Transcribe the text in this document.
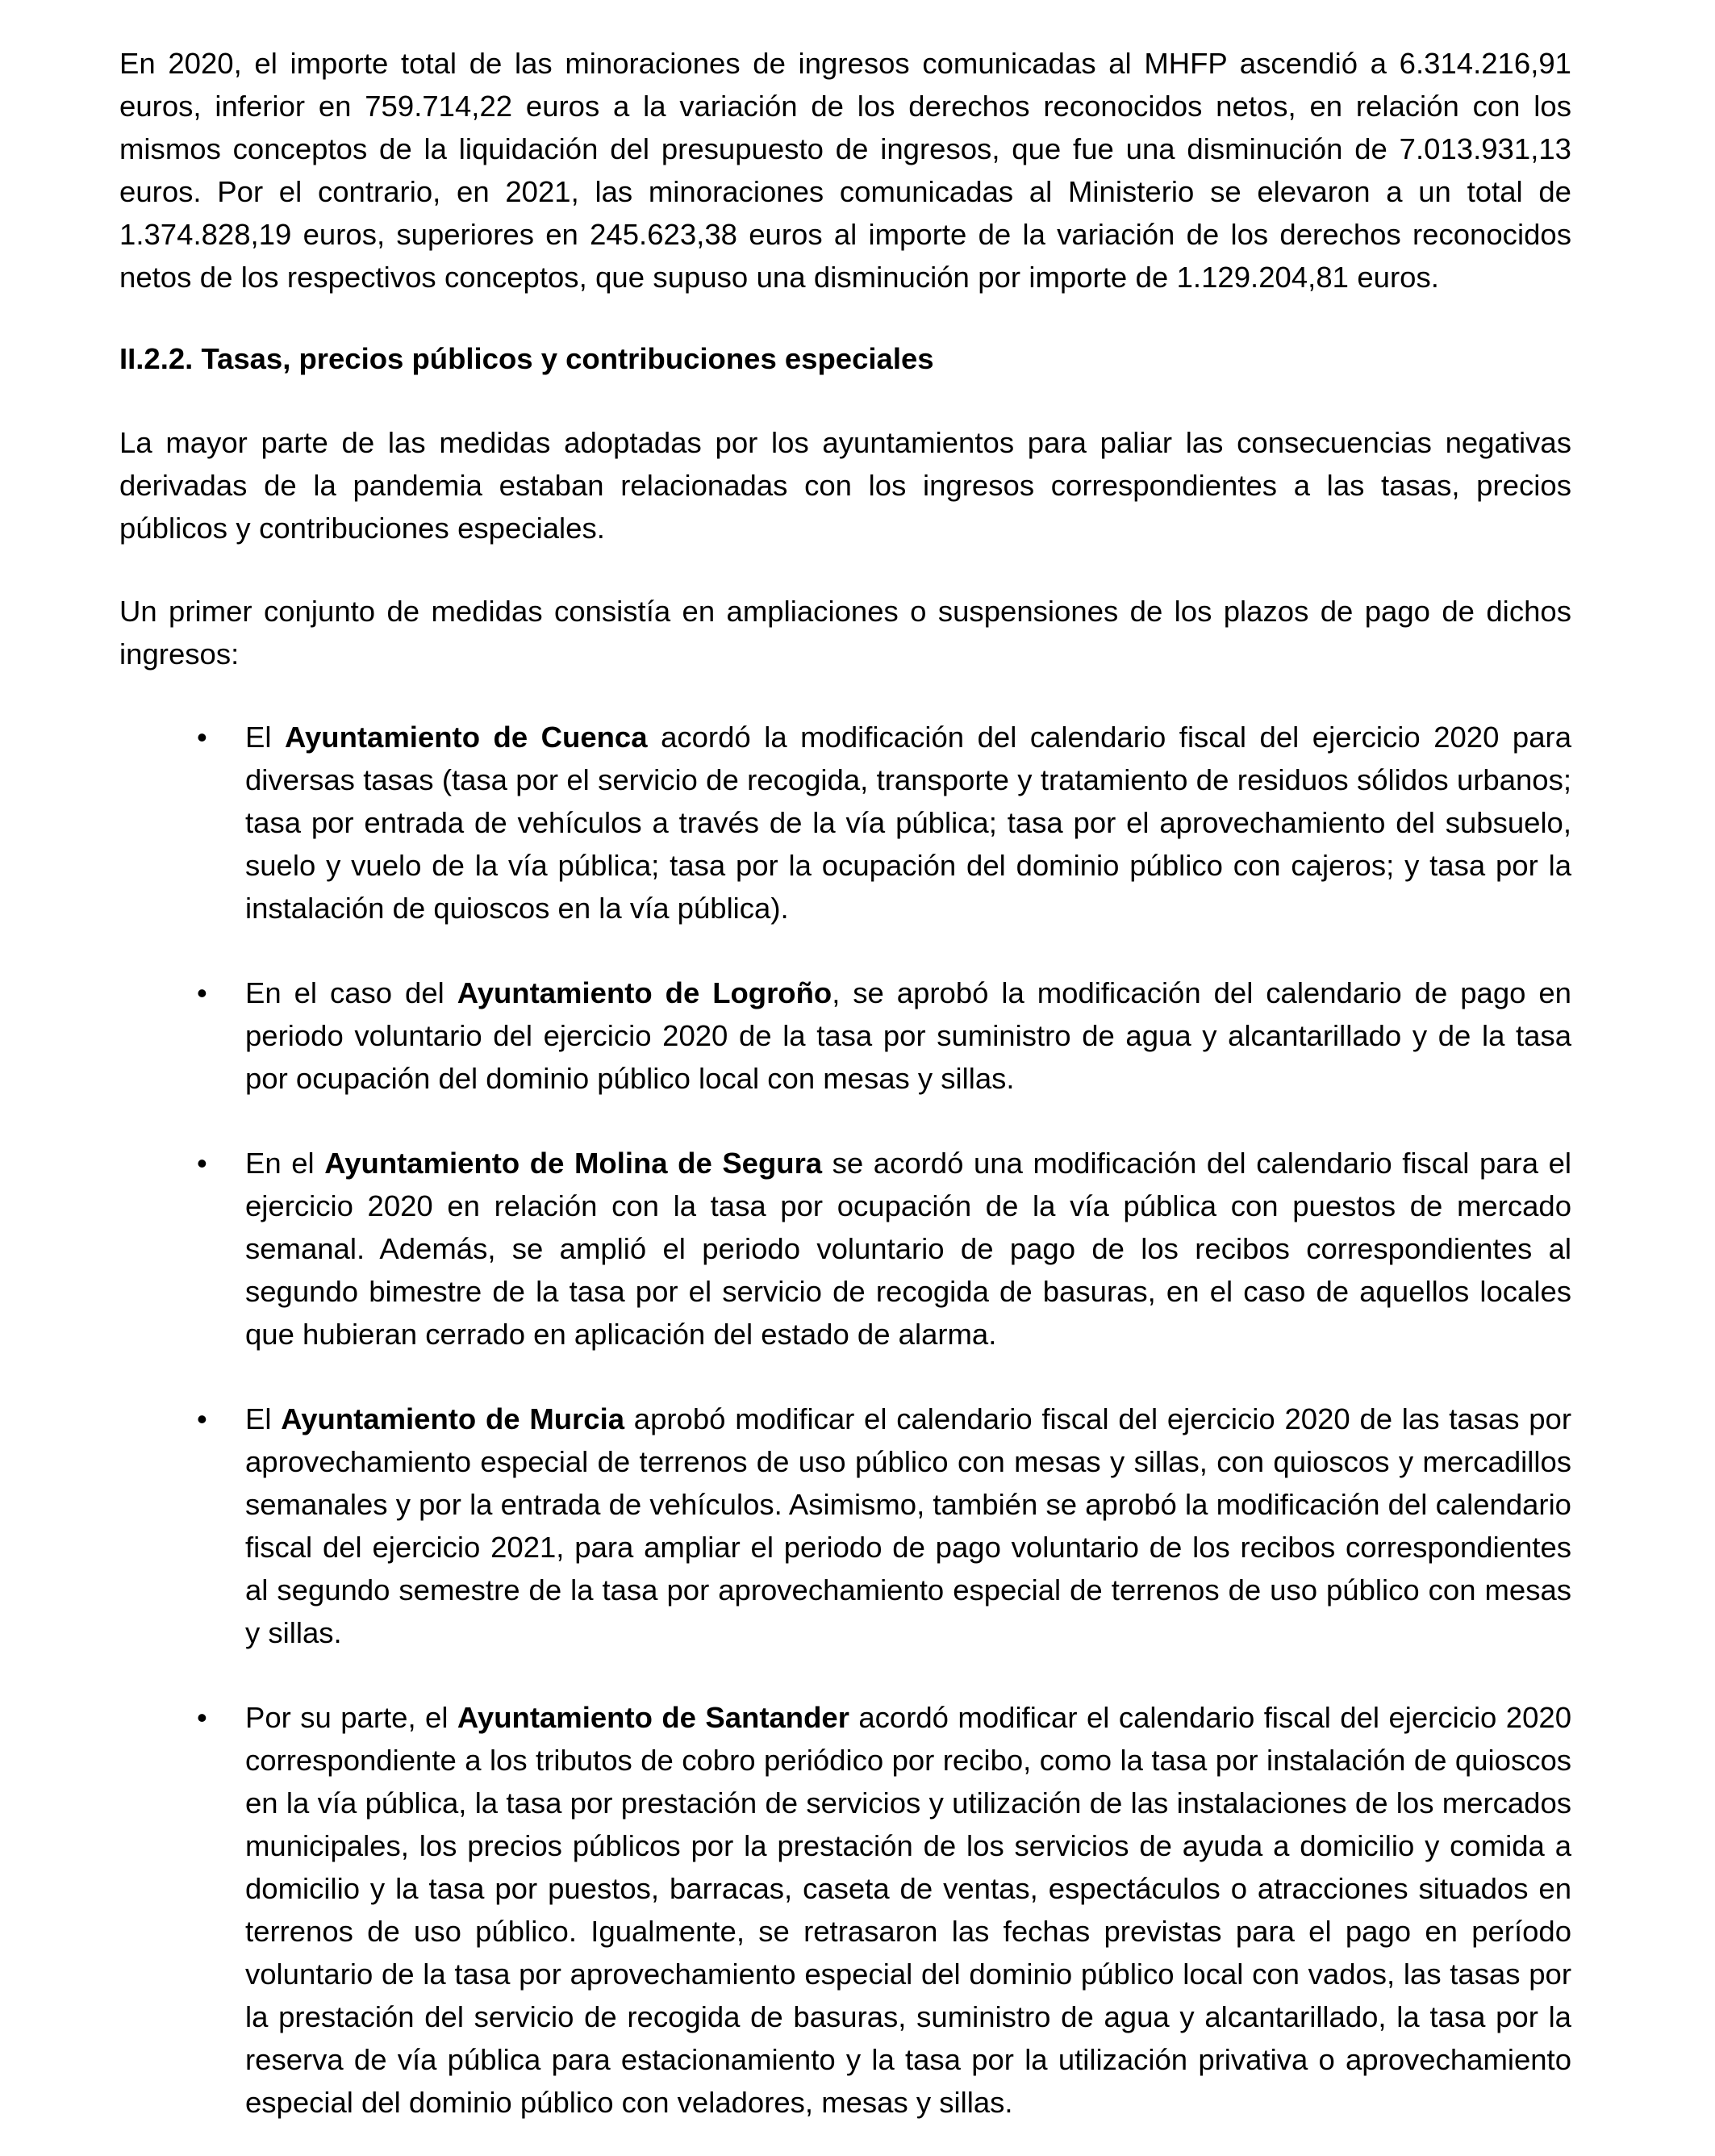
En 2020, el importe total de las minoraciones de ingresos comunicadas al MHFP ascendió a 6.314.216,91 euros, inferior en 759.714,22 euros a la variación de los derechos reconocidos netos, en relación con los mismos conceptos de la liquidación del presupuesto de ingresos, que fue una disminución de 7.013.931,13 euros. Por el contrario, en 2021, las minoraciones comunicadas al Ministerio se elevaron a un total de 1.374.828,19 euros, superiores en 245.623,38 euros al importe de la variación de los derechos reconocidos netos de los respectivos conceptos, que supuso una disminución por importe de 1.129.204,81 euros.

II.2.2. Tasas, precios públicos y contribuciones especiales

La mayor parte de las medidas adoptadas por los ayuntamientos para paliar las consecuencias negativas derivadas de la pandemia estaban relacionadas con los ingresos correspondientes a las tasas, precios públicos y contribuciones especiales.

Un primer conjunto de medidas consistía en ampliaciones o suspensiones de los plazos de pago de dichos ingresos:

•	El Ayuntamiento de Cuenca acordó la modificación del calendario fiscal del ejercicio 2020 para diversas tasas (tasa por el servicio de recogida, transporte y tratamiento de residuos sólidos urbanos; tasa por entrada de vehículos a través de la vía pública; tasa por el aprovechamiento del subsuelo, suelo y vuelo de la vía pública; tasa por la ocupación del dominio público con cajeros; y tasa por la instalación de quioscos en la vía pública).
•	En el caso del Ayuntamiento de Logroño, se aprobó la modificación del calendario de pago en periodo voluntario del ejercicio 2020 de la tasa por suministro de agua y alcantarillado y de la tasa por ocupación del dominio público local con mesas y sillas.
•	En el Ayuntamiento de Molina de Segura se acordó una modificación del calendario fiscal para el ejercicio 2020 en relación con la tasa por ocupación de la vía pública con puestos de mercado semanal. Además, se amplió el periodo voluntario de pago de los recibos correspondientes al segundo bimestre de la tasa por el servicio de recogida de basuras, en el caso de aquellos locales que hubieran cerrado en aplicación del estado de alarma.
•	El Ayuntamiento de Murcia aprobó modificar el calendario fiscal del ejercicio 2020 de las tasas por aprovechamiento especial de terrenos de uso público con mesas y sillas, con quioscos y mercadillos semanales y por la entrada de vehículos. Asimismo, también se aprobó la modificación del calendario fiscal del ejercicio 2021, para ampliar el periodo de pago voluntario de los recibos correspondientes al segundo semestre de la tasa por aprovechamiento especial de terrenos de uso público con mesas y sillas.
•	Por su parte, el Ayuntamiento de Santander acordó modificar el calendario fiscal del ejercicio 2020 correspondiente a los tributos de cobro periódico por recibo, como la tasa por instalación de quioscos en la vía pública, la tasa por prestación de servicios y utilización de las instalaciones de los mercados municipales, los precios públicos por la prestación de los servicios de ayuda a domicilio y comida a domicilio y la tasa por puestos, barracas, caseta de ventas, espectáculos o atracciones situados en terrenos de uso público. Igualmente, se retrasaron las fechas previstas para el pago en período voluntario de la tasa por aprovechamiento especial del dominio público local con vados, las tasas por la prestación del servicio de recogida de basuras, suministro de agua y alcantarillado, la tasa por la reserva de vía pública para estacionamiento y la tasa por la utilización privativa o aprovechamiento especial del dominio público con veladores, mesas y sillas.
